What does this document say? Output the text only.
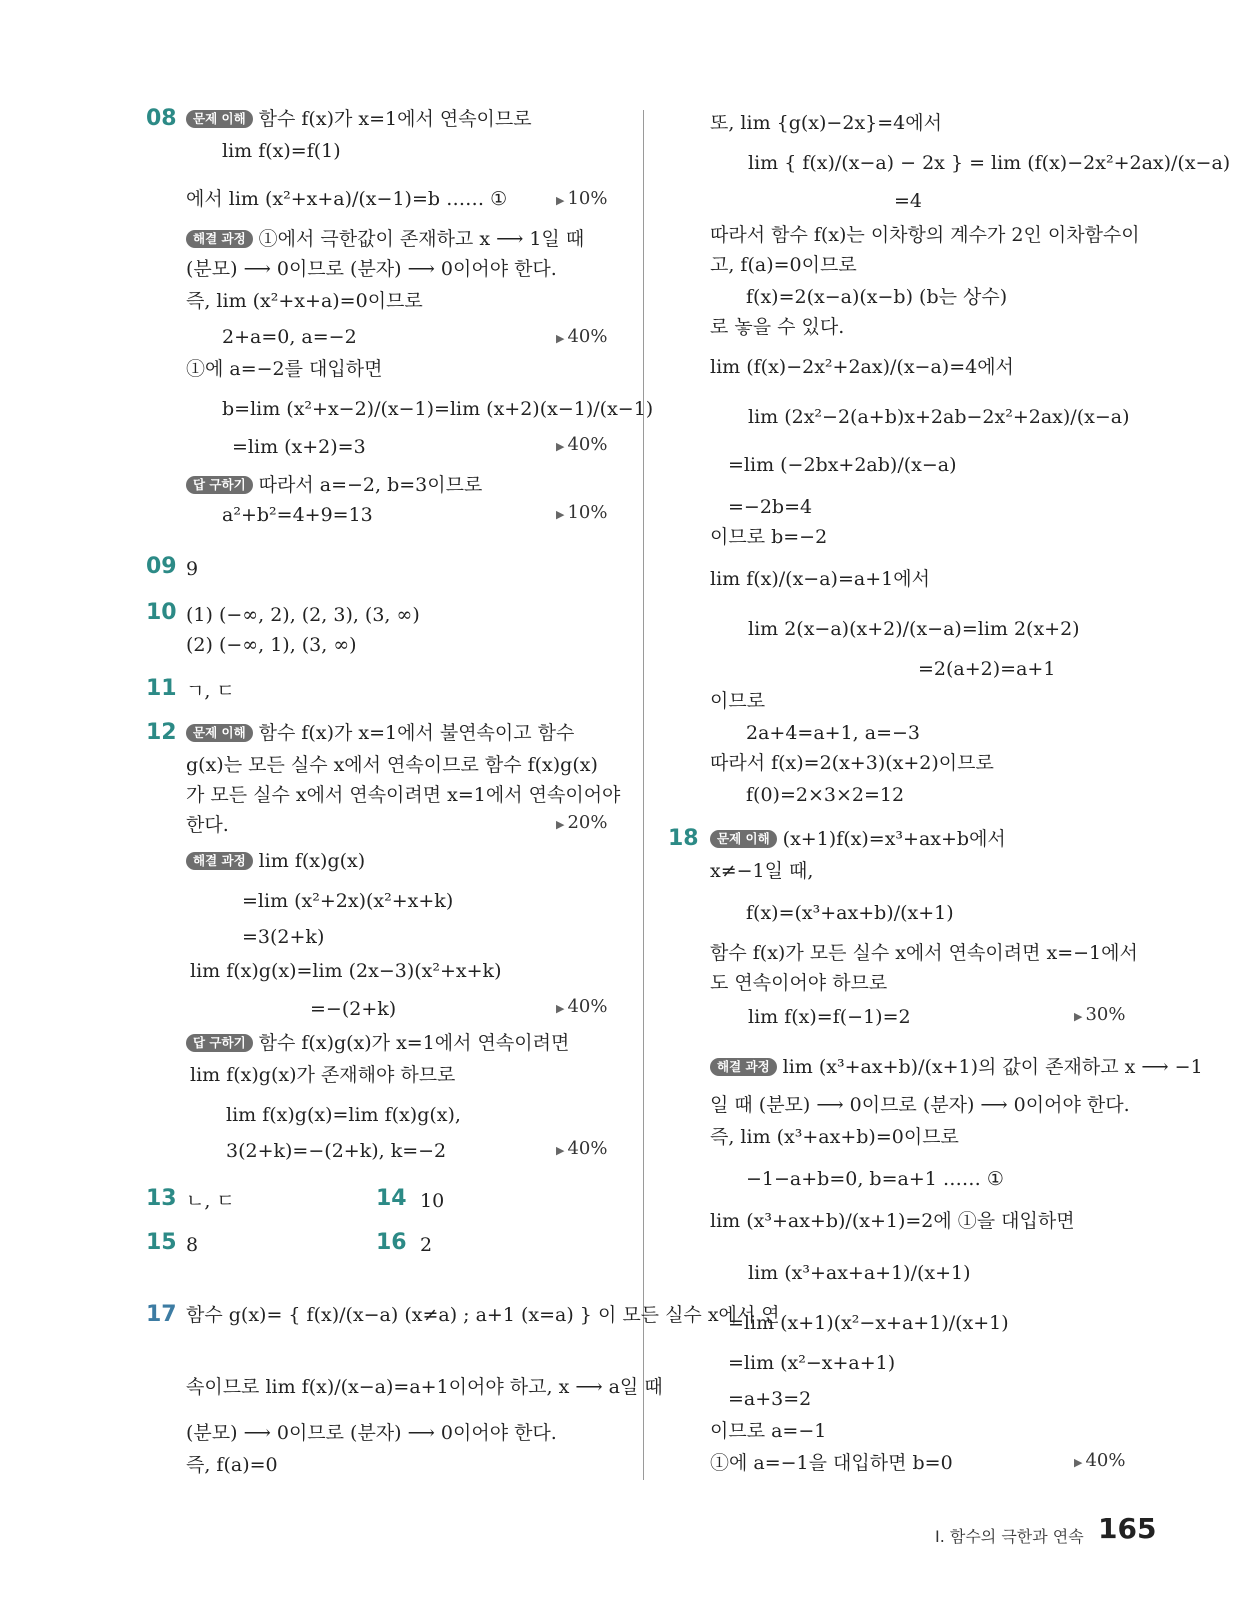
08	문제 이해 함수 f(x)가 x=1에서 연속이므로
lim f(x)=f(1)
에서 lim (x²+x+a)/(x−1)=b …… ①	▶ 10%
해결 과정 ①에서 극한값이 존재하고 x ⟶ 1일 때
(분모) ⟶ 0이므로 (분자) ⟶ 0이어야 한다.
즉, lim (x²+x+a)=0이므로
2+a=0, a=−2	▶ 40%
①에 a=−2를 대입하면
b=lim (x²+x−2)/(x−1)=lim (x+2)(x−1)/(x−1)
=lim (x+2)=3	▶ 40%
답 구하기 따라서 a=−2, b=3이므로
a²+b²=4+9=13	▶ 10%
09 9
10 (1) (−∞, 2), (2, 3), (3, ∞)
(2) (−∞, 1), (3, ∞)
11 ㄱ, ㄷ
12	문제 이해 함수 f(x)가 x=1에서 불연속이고 함수
g(x)는 모든 실수 x에서 연속이므로 함수 f(x)g(x)
가 모든 실수 x에서 연속이려면 x=1에서 연속이어야
한다.	▶ 20%
해결 과정 lim f(x)g(x)
=lim (x²+2x)(x²+x+k)
=3(2+k)
lim f(x)g(x)=lim (2x−3)(x²+x+k)
=−(2+k)	▶ 40%
답 구하기 함수 f(x)g(x)가 x=1에서 연속이려면
lim f(x)g(x)가 존재해야 하므로
lim f(x)g(x)=lim f(x)g(x),
3(2+k)=−(2+k), k=−2	▶ 40%
13 ㄴ, ㄷ	14 10
15 8	16 2
17 함수 g(x)= { f(x)/(x−a) (x≠a) ; a+1 (x=a) } 이 모든 실수 x에서 연
속이므로 lim f(x)/(x−a)=a+1이어야 하고, x ⟶ a일 때
(분모) ⟶ 0이므로 (분자) ⟶ 0이어야 한다.
즉, f(a)=0
또, lim {g(x)−2x}=4에서
lim { f(x)/(x−a) − 2x } = lim (f(x)−2x²+2ax)/(x−a)
=4
따라서 함수 f(x)는 이차항의 계수가 2인 이차함수이
고, f(a)=0이므로
f(x)=2(x−a)(x−b) (b는 상수)
로 놓을 수 있다.
lim (f(x)−2x²+2ax)/(x−a)=4에서
lim (2x²−2(a+b)x+2ab−2x²+2ax)/(x−a)
=lim (−2bx+2ab)/(x−a)
=−2b=4
이므로 b=−2
lim f(x)/(x−a)=a+1에서
lim 2(x−a)(x+2)/(x−a)=lim 2(x+2)
=2(a+2)=a+1
이므로
2a+4=a+1, a=−3
따라서 f(x)=2(x+3)(x+2)이므로
f(0)=2×3×2=12
18	문제 이해 (x+1)f(x)=x³+ax+b에서
x≠−1일 때,
f(x)=(x³+ax+b)/(x+1)
함수 f(x)가 모든 실수 x에서 연속이려면 x=−1에서
도 연속이어야 하므로
lim f(x)=f(−1)=2	▶ 30%
해결 과정 lim (x³+ax+b)/(x+1)의 값이 존재하고 x ⟶ −1
일 때 (분모) ⟶ 0이므로 (분자) ⟶ 0이어야 한다.
즉, lim (x³+ax+b)=0이므로
−1−a+b=0, b=a+1 …… ①
lim (x³+ax+b)/(x+1)=2에 ①을 대입하면
lim (x³+ax+a+1)/(x+1)
=lim (x+1)(x²−x+a+1)/(x+1)
=lim (x²−x+a+1)
=a+3=2
이므로 a=−1
①에 a=−1을 대입하면 b=0	▶ 40%
I. 함수의 극한과 연속 165
